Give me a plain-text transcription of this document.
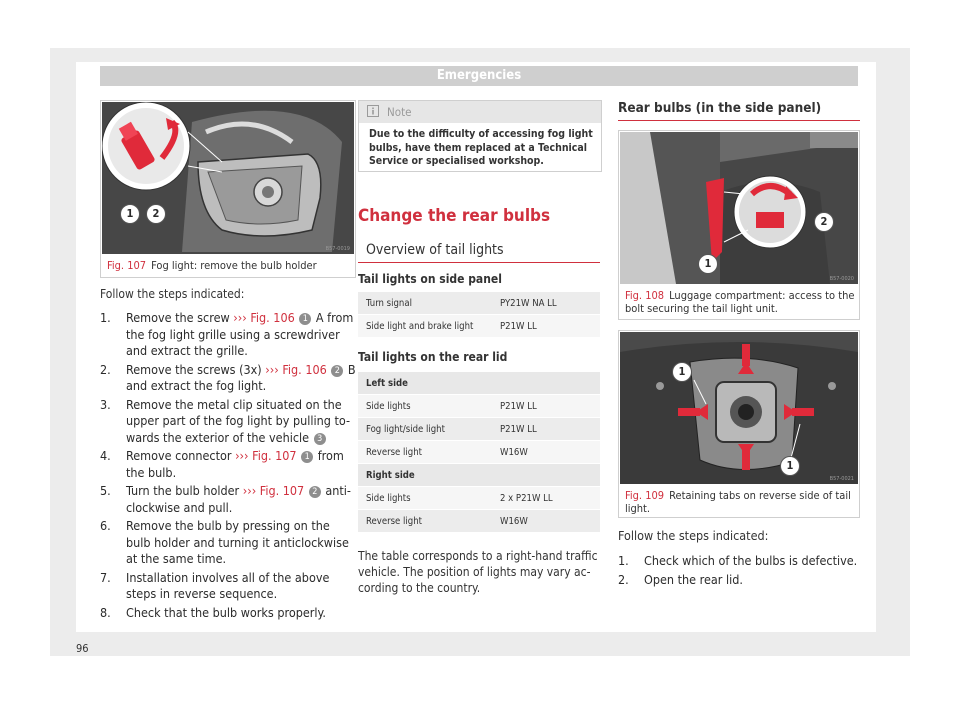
Emergencies
1	2
B57-0019
Fig. 107 Fog light: remove the bulb holder
Follow the steps indicated:
1. Remove the screw ››› Fig. 106 1 A from the fog light grille using a screwdriver and extract the grille.
2. Remove the screws (3x) ››› Fig. 106 2 B and extract the fog light.
3. Remove the metal clip situated on the upper part of the fog light by pulling to-wards the exterior of the vehicle 3
4. Remove connector ››› Fig. 107 1 from the bulb.
5. Turn the bulb holder ››› Fig. 107 2 anti-clockwise and pull.
6. Remove the bulb by pressing on the bulb holder and turning it anticlockwise at the same time.
7. Installation involves all of the above steps in reverse sequence.
8. Check that the bulb works properly.
Note
Due to the difficulty of accessing fog light bulbs, have them replaced at a Technical Service or specialised workshop.
Change the rear bulbs
Overview of tail lights
Tail lights on side panel
Turn signal	PY21W NA LL
Side light and brake light	P21W LL
Tail lights on the rear lid
Left side
Side lights	P21W LL
Fog light/side light	P21W LL
Reverse light	W16W
Right side
Side lights	2 x P21W LL
Reverse light	W16W
The table corresponds to a right-hand traffic vehicle. The position of lights may vary ac-cording to the country.
Rear bulbs (in the side panel)
1
2
B57-0020
Fig. 108 Luggage compartment: access to the bolt securing the tail light unit.
1
1
B57-0021
Fig. 109 Retaining tabs on reverse side of tail light.
Follow the steps indicated:
1. Check which of the bulbs is defective.
2. Open the rear lid.
96
